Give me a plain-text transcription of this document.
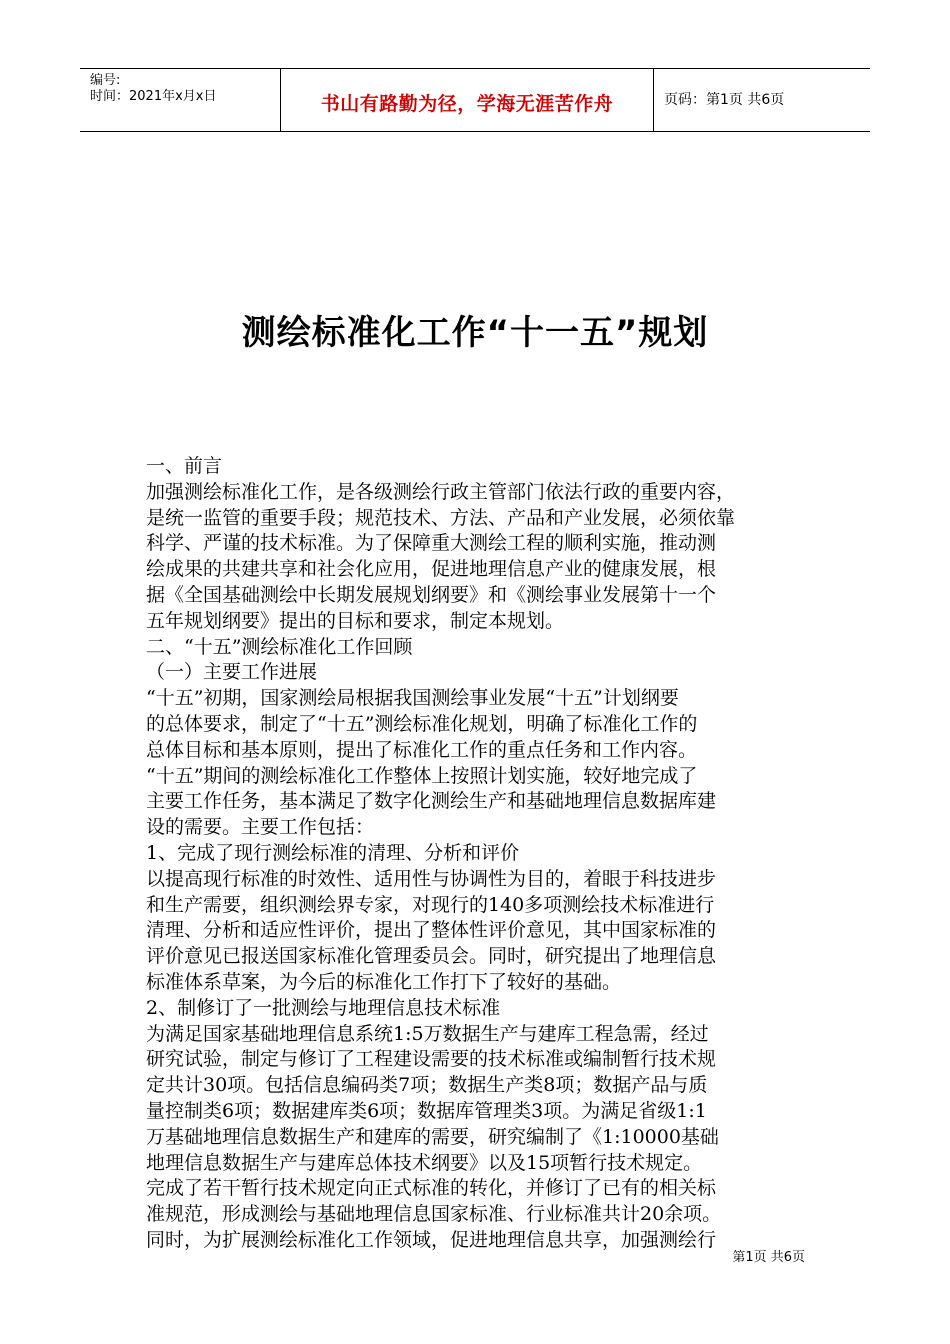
编号:
时间：2021年x月x日	书山有路勤为径，学海无涯苦作舟	页码：第1页 共6页
测绘标准化工作“十一五”规划

一、前言

加强测绘标准化工作，是各级测绘行政主管部门依法行政的重要内容，

是统一监管的重要手段；规范技术、方法、产品和产业发展，必须依靠

科学、严谨的技术标准。为了保障重大测绘工程的顺利实施，推动测

绘成果的共建共享和社会化应用，促进地理信息产业的健康发展，根

据《全国基础测绘中长期发展规划纲要》和《测绘事业发展第十一个

五年规划纲要》提出的目标和要求，制定本规划。

二、“十五”测绘标准化工作回顾

（一）主要工作进展

“十五”初期，国家测绘局根据我国测绘事业发展“十五”计划纲要

的总体要求，制定了“十五”测绘标准化规划，明确了标准化工作的

总体目标和基本原则，提出了标准化工作的重点任务和工作内容。

“十五”期间的测绘标准化工作整体上按照计划实施，较好地完成了

主要工作任务，基本满足了数字化测绘生产和基础地理信息数据库建

设的需要。主要工作包括：

1、完成了现行测绘标准的清理、分析和评价

以提高现行标准的时效性、适用性与协调性为目的，着眼于科技进步

和生产需要，组织测绘界专家，对现行的140多项测绘技术标准进行

清理、分析和适应性评价，提出了整体性评价意见，其中国家标准的

评价意见已报送国家标准化管理委员会。同时，研究提出了地理信息

标准体系草案，为今后的标准化工作打下了较好的基础。

2、制修订了一批测绘与地理信息技术标准

为满足国家基础地理信息系统1:5万数据生产与建库工程急需，经过

研究试验，制定与修订了工程建设需要的技术标准或编制暂行技术规

定共计30项。包括信息编码类7项；数据生产类8项；数据产品与质

量控制类6项；数据建库类6项；数据库管理类3项。为满足省级1:1

万基础地理信息数据生产和建库的需要，研究编制了《1:10000基础

地理信息数据生产与建库总体技术纲要》以及15项暂行技术规定。

完成了若干暂行技术规定向正式标准的转化，并修订了已有的相关标

准规范，形成测绘与基础地理信息国家标准、行业标准共计20余项。

同时，为扩展测绘标准化工作领域，促进地理信息共享，加强测绘行

第1页 共6页
